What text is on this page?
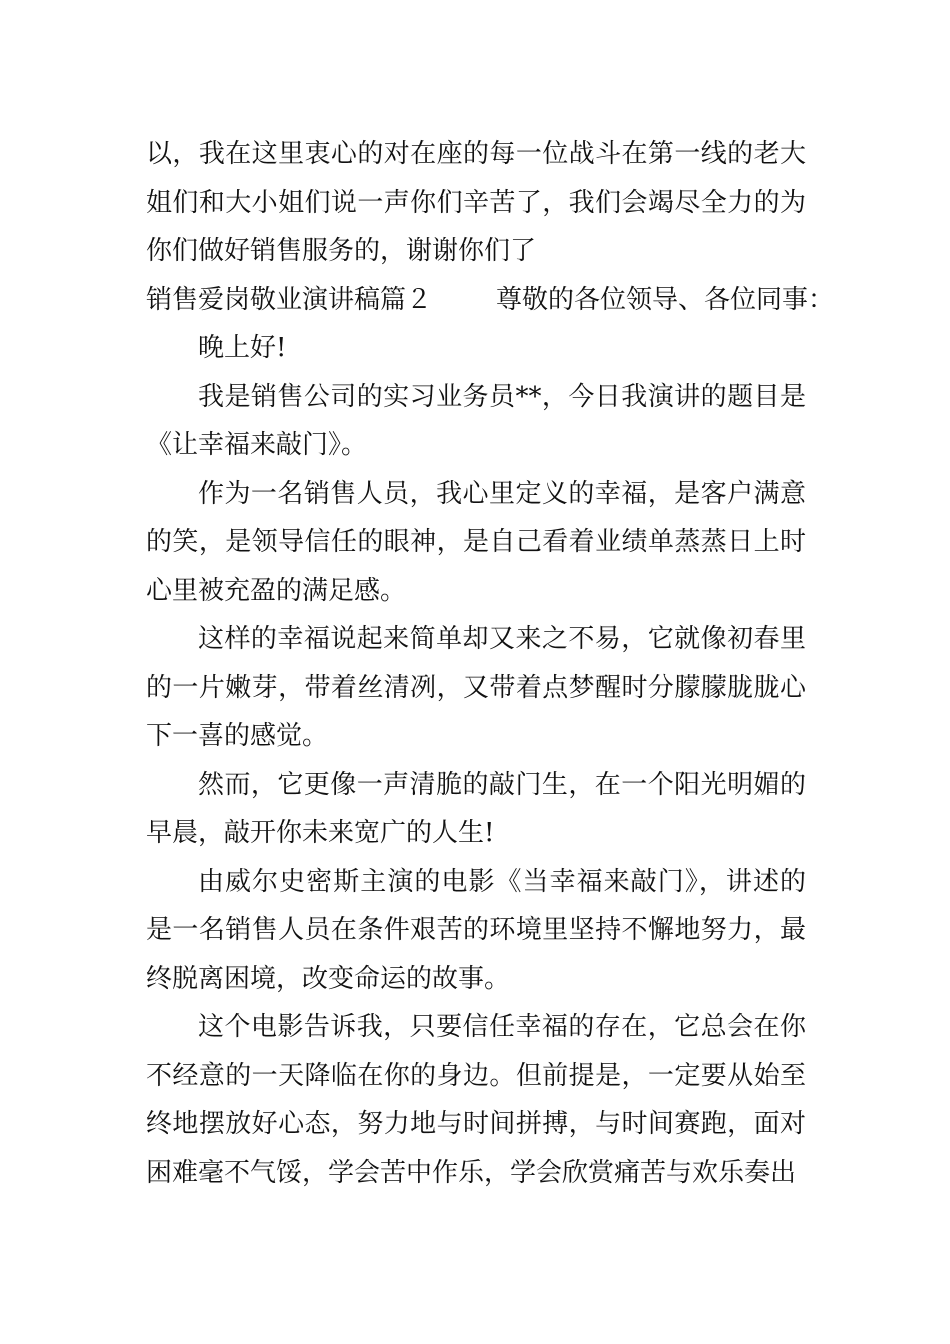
以，我在这里衷心的对在座的每一位战斗在第一线的老大姐们和大小姐们说一声你们辛苦了，我们会竭尽全力的为你们做好销售服务的，谢谢你们了

销售爱岗敬业演讲稿篇２ 尊敬的各位领导、各位同事：

晚上好!

我是销售公司的实习业务员**，今日我演讲的题目是《让幸福来敲门》。

作为一名销售人员，我心里定义的幸福，是客户满意的笑，是领导信任的眼神，是自己看着业绩单蒸蒸日上时心里被充盈的满足感。

这样的幸福说起来简单却又来之不易，它就像初春里的一片嫩芽，带着丝清冽，又带着点梦醒时分朦朦胧胧心下一喜的感觉。

然而，它更像一声清脆的敲门生，在一个阳光明媚的早晨，敲开你未来宽广的人生!

由威尔史密斯主演的电影《当幸福来敲门》，讲述的是一名销售人员在条件艰苦的环境里坚持不懈地努力，最终脱离困境，改变命运的故事。

这个电影告诉我，只要信任幸福的存在，它总会在你不经意的一天降临在你的身边。但前提是，一定要从始至终地摆放好心态，努力地与时间拼搏，与时间赛跑，面对困难毫不气馁，学会苦中作乐，学会欣赏痛苦与欢乐奏出
